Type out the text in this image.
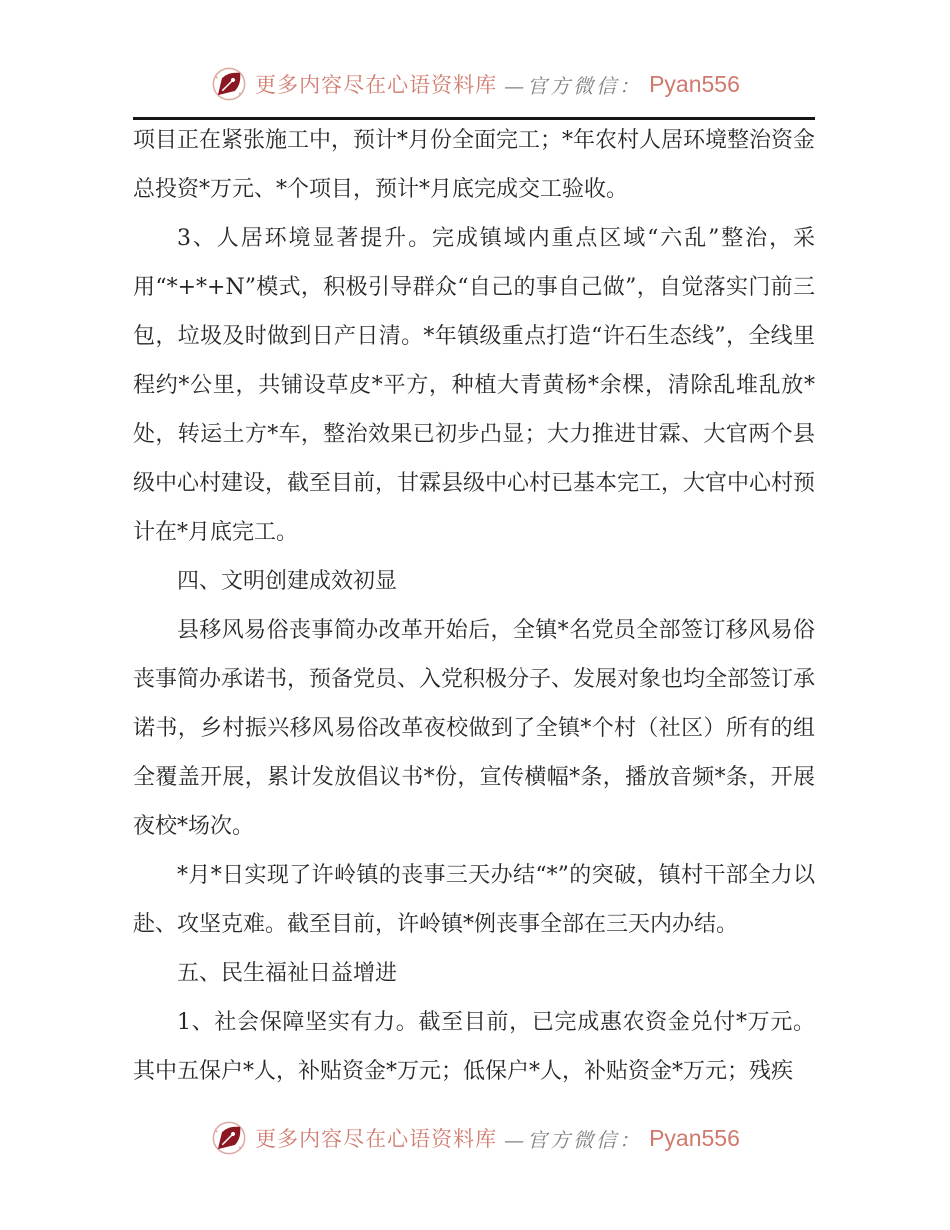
更多内容尽在心语资料库 —官方微信： Pyan556

项目正在紧张施工中，预计*月份全面完工；*年农村人居环境整治资金总投资*万元、*个项目，预计*月底完成交工验收。

3、人居环境显著提升。完成镇域内重点区域“六乱”整治，采用“*+*+N”模式，积极引导群众“自己的事自己做”，自觉落实门前三包，垃圾及时做到日产日清。*年镇级重点打造“许石生态线”，全线里程约*公里，共铺设草皮*平方，种植大青黄杨*余棵，清除乱堆乱放*处，转运土方*车，整治效果已初步凸显；大力推进甘霖、大官两个县级中心村建设，截至目前，甘霖县级中心村已基本完工，大官中心村预计在*月底完工。

四、文明创建成效初显

县移风易俗丧事简办改革开始后，全镇*名党员全部签订移风易俗丧事简办承诺书，预备党员、入党积极分子、发展对象也均全部签订承诺书，乡村振兴移风易俗改革夜校做到了全镇*个村（社区）所有的组全覆盖开展，累计发放倡议书*份，宣传横幅*条，播放音频*条，开展夜校*场次。

*月*日实现了许岭镇的丧事三天办结“*”的突破，镇村干部全力以赴、攻坚克难。截至目前，许岭镇*例丧事全部在三天内办结。

五、民生福祉日益增进

1、社会保障坚实有力。截至目前，已完成惠农资金兑付*万元。其中五保户*人，补贴资金*万元；低保户*人，补贴资金*万元；残疾

更多内容尽在心语资料库 —官方微信： Pyan556
